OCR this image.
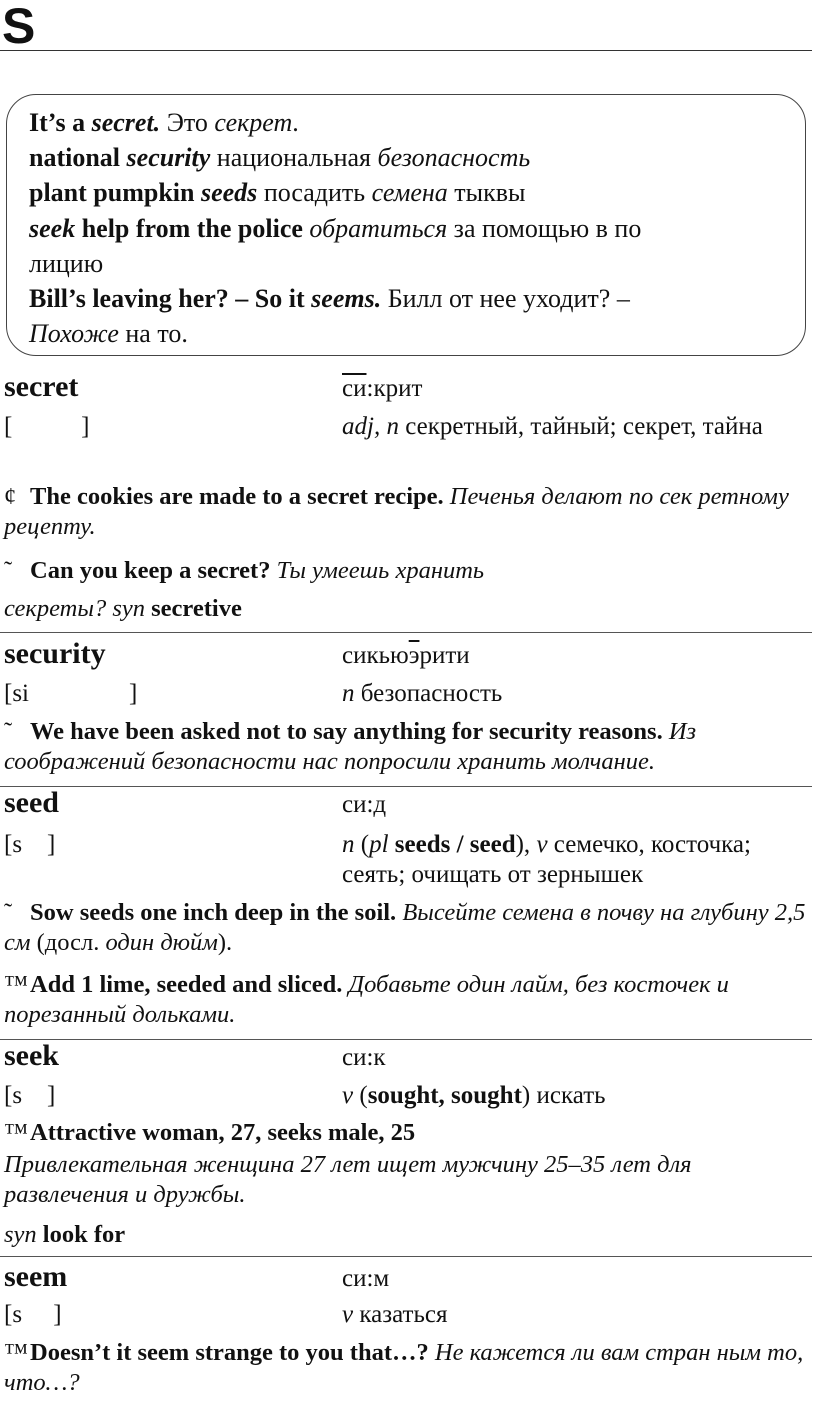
S
It’s a secret. Это секрет.
national security национальная безопасность
plant pumpkin seeds посадить семена тыквы
seek help from the police обратиться за помощью в по
лицию
Bill’s leaving her? – So it seems. Билл от нее уходит? –
Похоже на то.
secret	си:крит
[           ]	adj, n секретный, тайный; секрет, тайна
¢ The cookies are made to a secret recipe. Печенья делают по сек ретному рецепту.
˜ Can you keep a secret? Ты умеешь хранить
секреты? syn secretive
security	сикьюэрити
[si                ]	n безопасность
˜ We have been asked not to say anything for security reasons. Из соображений безопасности нас попросили хранить молчание.
seed	си:д
[s    ]	n (pl seeds / seed), v семечко, косточка; сеять; очищать от зернышек
˜ Sow seeds one inch deep in the soil. Высейте семена в почву на глубину 2,5 см (досл. один дюйм).
™Add 1 lime, seeded and sliced. Добавьте один лайм, без косточек и порезанный дольками.
seek	си:к
[s    ]	v (sought, sought) искать
™Attractive woman, 27, seeks male, 25
Привлекательная женщина 27 лет ищет мужчину 25–35 лет для развлечения и дружбы.
syn look for
seem	си:м
[s     ]	v казаться
™Doesn’t it seem strange to you that…? Не кажется ли вам стран ным то, что…?
